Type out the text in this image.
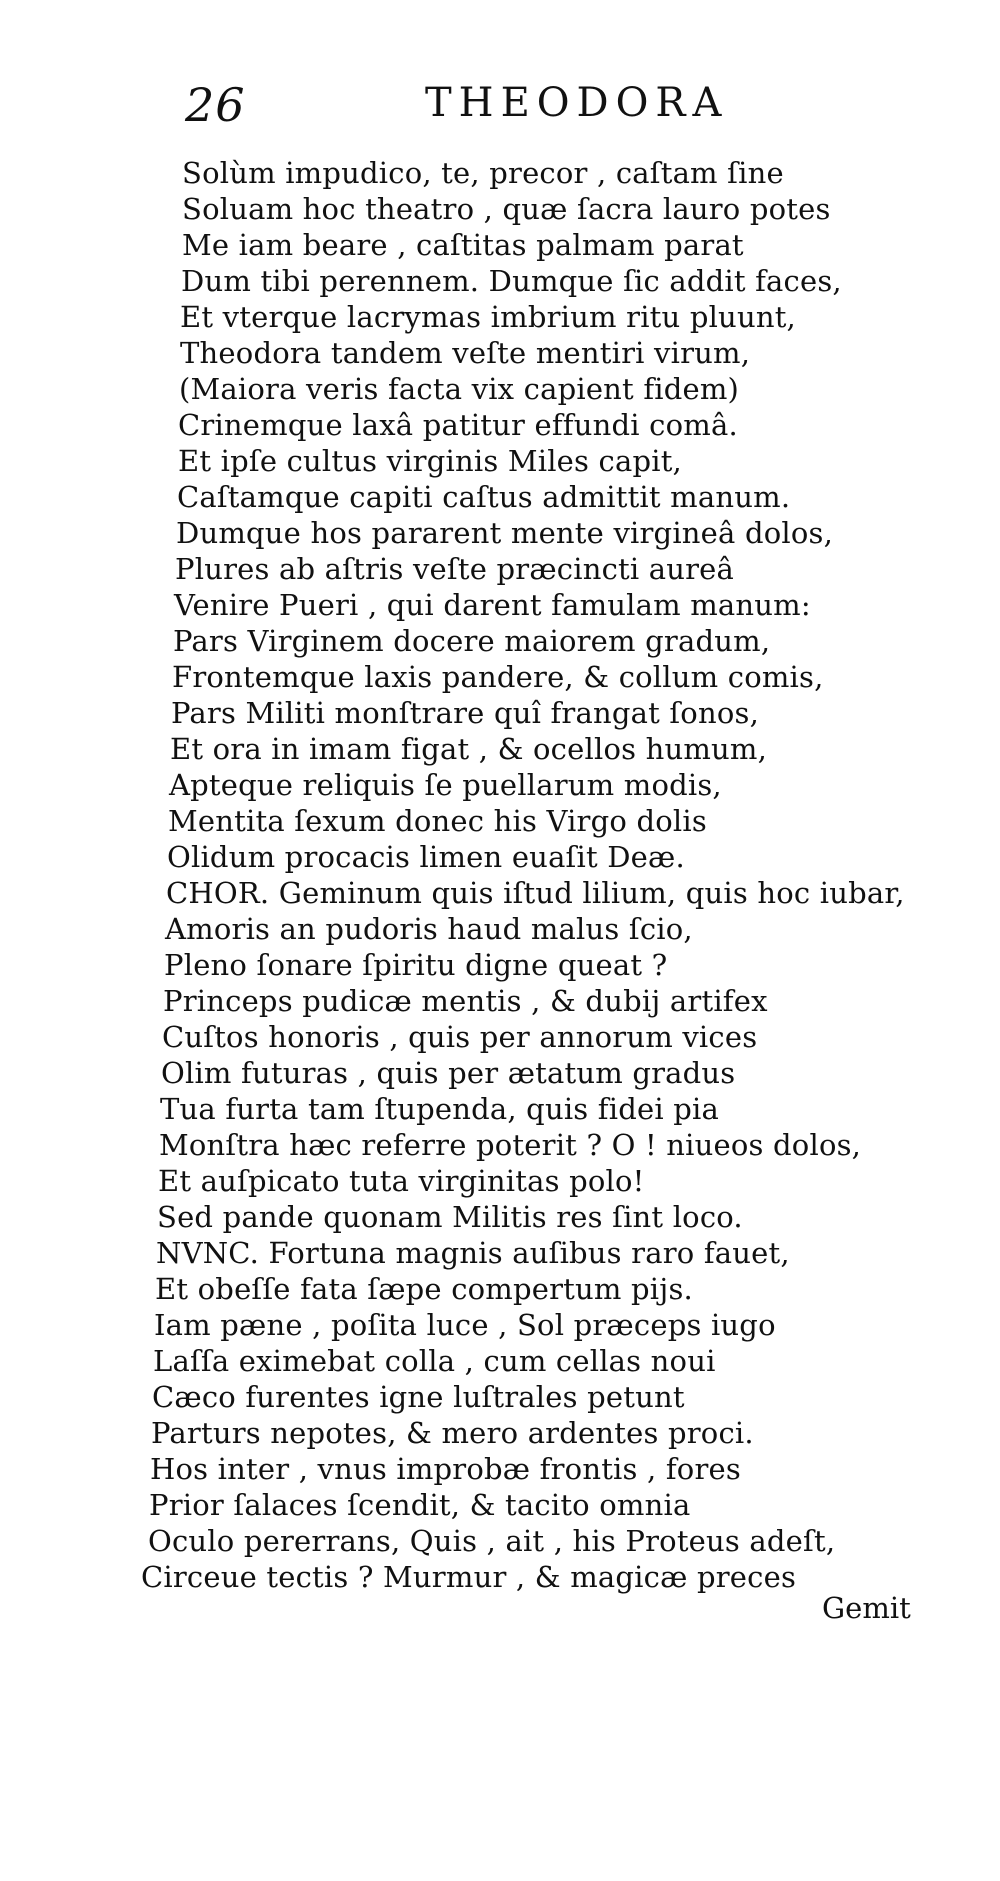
26	THEODORA
Solùm impudico, te, precor , caſtam ſine
Soluam hoc theatro , quæ ſacra lauro potes
Me iam beare , caſtitas palmam parat
Dum tibi perennem. Dumque ſic addit faces,
Et vterque lacrymas imbrium ritu pluunt,
Theodora tandem veſte mentiri virum,
(Maiora veris facta vix capient fidem)
Crinemque laxâ patitur effundi comâ.
Et ipſe cultus virginis Miles capit,
Caſtamque capiti caſtus admittit manum.
Dumque hos pararent mente virgineâ dolos,
Plures ab aſtris veſte præcincti aureâ
Venire Pueri , qui darent famulam manum:
Pars Virginem docere maiorem gradum,
Frontemque laxis pandere, & collum comis,
Pars Militi monſtrare quî frangat ſonos,
Et ora in imam figat , & ocellos humum,
Apteque reliquis ſe puellarum modis,
Mentita ſexum donec his Virgo dolis
Olidum procacis limen euaſit Deæ.
CHOR. Geminum quis iſtud lilium, quis hoc iubar,
Amoris an pudoris haud malus ſcio,
Pleno ſonare ſpiritu digne queat ?
Princeps pudicæ mentis , & dubij artifex
Cuſtos honoris , quis per annorum vices
Olim futuras , quis per ætatum gradus
Tua furta tam ſtupenda, quis fidei pia
Monſtra hæc referre poterit ? O ! niueos dolos,
Et auſpicato tuta virginitas polo!
Sed pande quonam Militis res ſint loco.
NVNC. Fortuna magnis auſibus raro fauet,
Et obeſſe fata ſæpe compertum pijs.
Iam pæne , poſita luce , Sol præceps iugo
Laſſa eximebat colla , cum cellas noui
Cæco furentes igne luſtrales petunt
Parturs nepotes, & mero ardentes proci.
Hos inter , vnus improbæ frontis , fores
Prior ſalaces ſcendit, & tacito omnia
Oculo pererrans, Quis , ait , his Proteus adeſt,
Circeue tectis ? Murmur , & magicæ preces
Gemit
